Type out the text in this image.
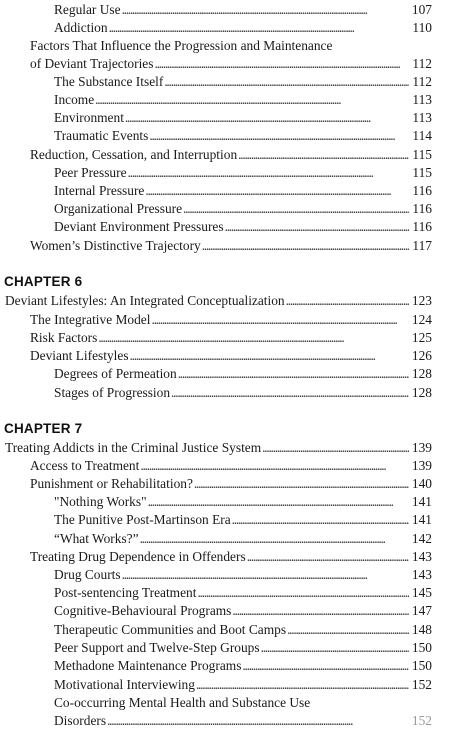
Regular Use . . .	107
Addiction . . .	110
Factors That Influence the Progression and Maintenance
of Deviant Trajectories . . .	112
The Substance Itself . . .	112
Income . . .	113
Environment . . .	113
Traumatic Events . . .	114
Reduction, Cessation, and Interruption . . .	115
Peer Pressure . . .	115
Internal Pressure . . .	116
Organizational Pressure . . .	116
Deviant Environment Pressures . . .	116
Women’s Distinctive Trajectory . . .	117
CHAPTER 6
Deviant Lifestyles: An Integrated Conceptualization . . .	123
The Integrative Model . . .	124
Risk Factors . . .	125
Deviant Lifestyles . . .	126
Degrees of Permeation . . .	128
Stages of Progression . . .	128
CHAPTER 7
Treating Addicts in the Criminal Justice System . . .	139
Access to Treatment . . .	139
Punishment or Rehabilitation? . . .	140
"Nothing Works" . . .	141
The Punitive Post-Martinson Era . . .	141
“What Works?” . . .	142
Treating Drug Dependence in Offenders . . .	143
Drug Courts . . .	143
Post-sentencing Treatment . . .	145
Cognitive-Behavioural Programs . . .	147
Therapeutic Communities and Boot Camps . . .	148
Peer Support and Twelve-Step Groups . . .	150
Methadone Maintenance Programs . . .	150
Motivational Interviewing . . .	152
Co-occurring Mental Health and Substance Use
Disorders . . .	152
